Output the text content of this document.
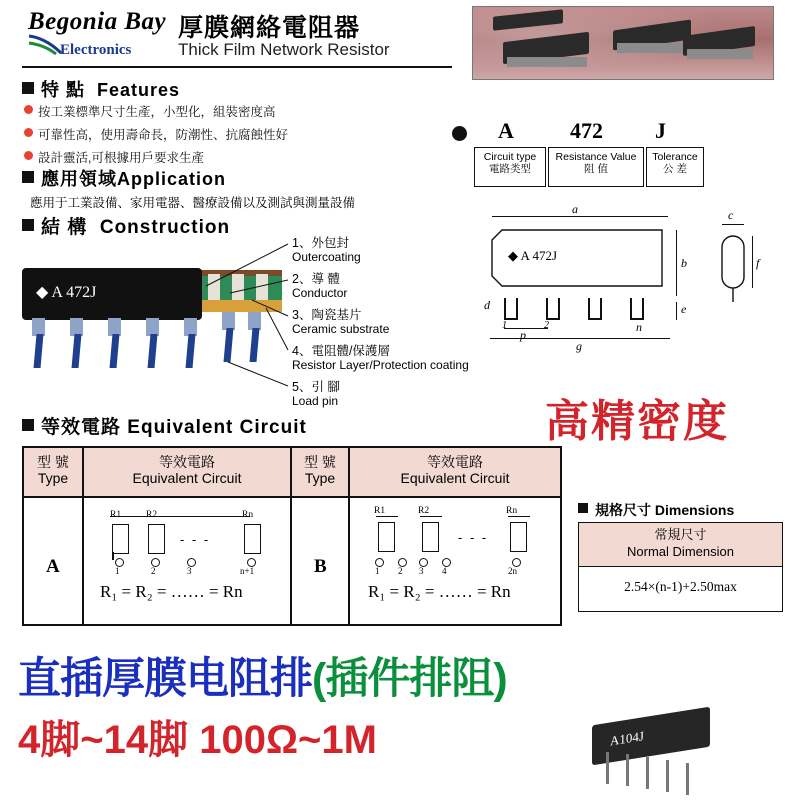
Begonia Bay
Electronics
厚膜網絡電阻器
Thick Film Network Resistor
特 點 Features
按工業標準尺寸生產，小型化，組裝密度高
可靠性高，使用壽命長，防潮性、抗腐蝕性好
設計靈活,可根據用戶要求生產
應用領域Application
應用于工業設備、家用電器、醫療設備以及測試與測量設備
結 構 Construction
◆ A 472J
1、外包封
Outercoating
2、導 體
Conductor
3、陶瓷基片
Ceramic substrate
4、電阻體/保護層
Resistor Layer/Protection coating
5、引 腳
Load pin
A	472 J
Circuit type
電路类型
Resistance Value
阻 值
Tolerance
公 差
◆ A 472J
a
b
e
g
d
1	2
p
n
c
f
高精密度
等效電路 Equivalent Circuit
型 號
Type
等效電路
Equivalent Circuit
型 號
Type
等效電路
Equivalent Circuit
A
R1	R2	Rn
- - -
1	2	3	n+1
R₁ = R₂ = …… = Rn
B
R1	R2	Rn
- - -
1 2 3 4	2n
R₁ = R₂ = …… = Rn
規格尺寸 Dimensions
常規尺寸
Normal Dimension
2.54×(n-1)+2.50max
直插厚膜电阻排(插件排阻)
4脚~14脚 100Ω~1M	A104J
